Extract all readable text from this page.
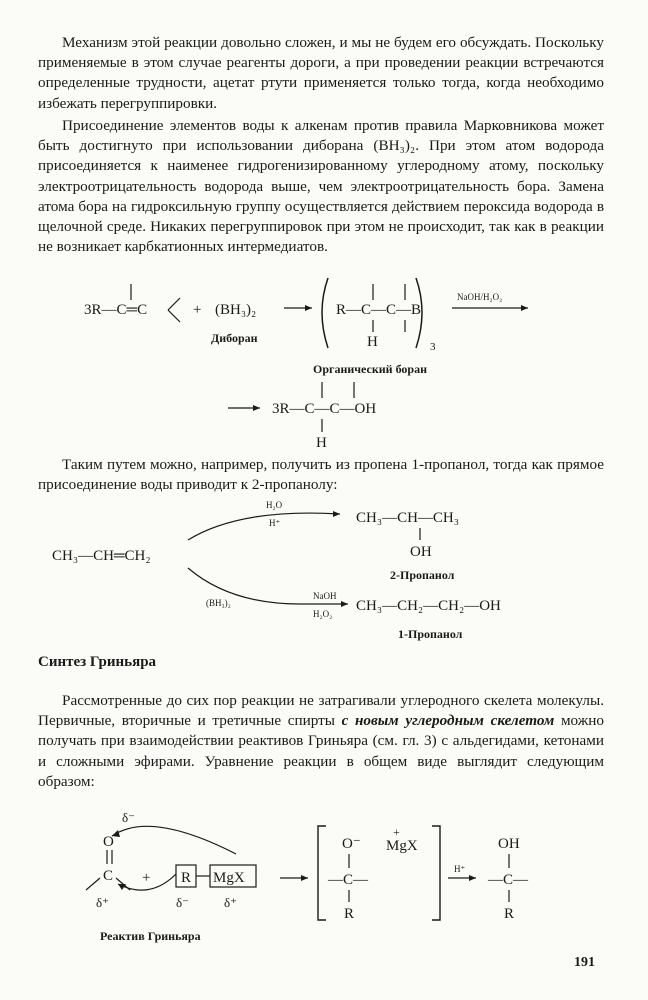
Механизм этой реакции довольно сложен, и мы не будем его обсуждать. Поскольку применяемые в этом случае реагенты дороги, а при проведении реакции встречаются определенные трудности, ацетат ртути применяется только тогда, когда необходимо избежать перегруппировки.

Присоединение элементов воды к алкенам против правила Марковникова может быть достигнуто при использовании диборана (BH₃)₂. При этом атом водорода присоединяется к наименее гидрогенизированному углеродному атому, поскольку электроотрицательность водорода выше, чем электроотрицательность бора. Замена атома бора на гидроксильную группу осуществляется действием пероксида водорода в щелочной среде. Никаких перегруппировок при этом не происходит, так как в реакции не возникает карбкатионных интермедиатов.

3R—C═C	+ (BH₃)₂
Диборан
R—C—C—B
H	3
Органический боран
NaOH/H₂O₂
3R—C—C—OH
H

Таким путем можно, например, получить из пропена 1-пропанол, тогда как прямое присоединение воды приводит к 2-пропанолу:

CH₃—CH═CH₂
H₂O
H⁺	CH₃—CH—CH₃
OH
2-Пропанол
(BH₃)₂
NaOH
H₂O₂ CH₃—CH₂—CH₂—OH
1-Пропанол
Синтез Гриньяра

Рассмотренные до сих пор реакции не затрагивали углеродного скелета молекулы. Первичные, вторичные и третичные спирты с новым углеродным скелетом можно получать при взаимодействии реактивов Гриньяра (см. гл. 3) с альдегидами, кетонами и сложными эфирами. Уравнение реакции в общем виде выглядит следующим образом:

δ⁻
O
C
δ⁺
+ R MgX
δ⁻	δ⁺
Реактив Гриньяра
O⁻
+
MgX
—C—
R
H⁺
OH
—C—
R
191
